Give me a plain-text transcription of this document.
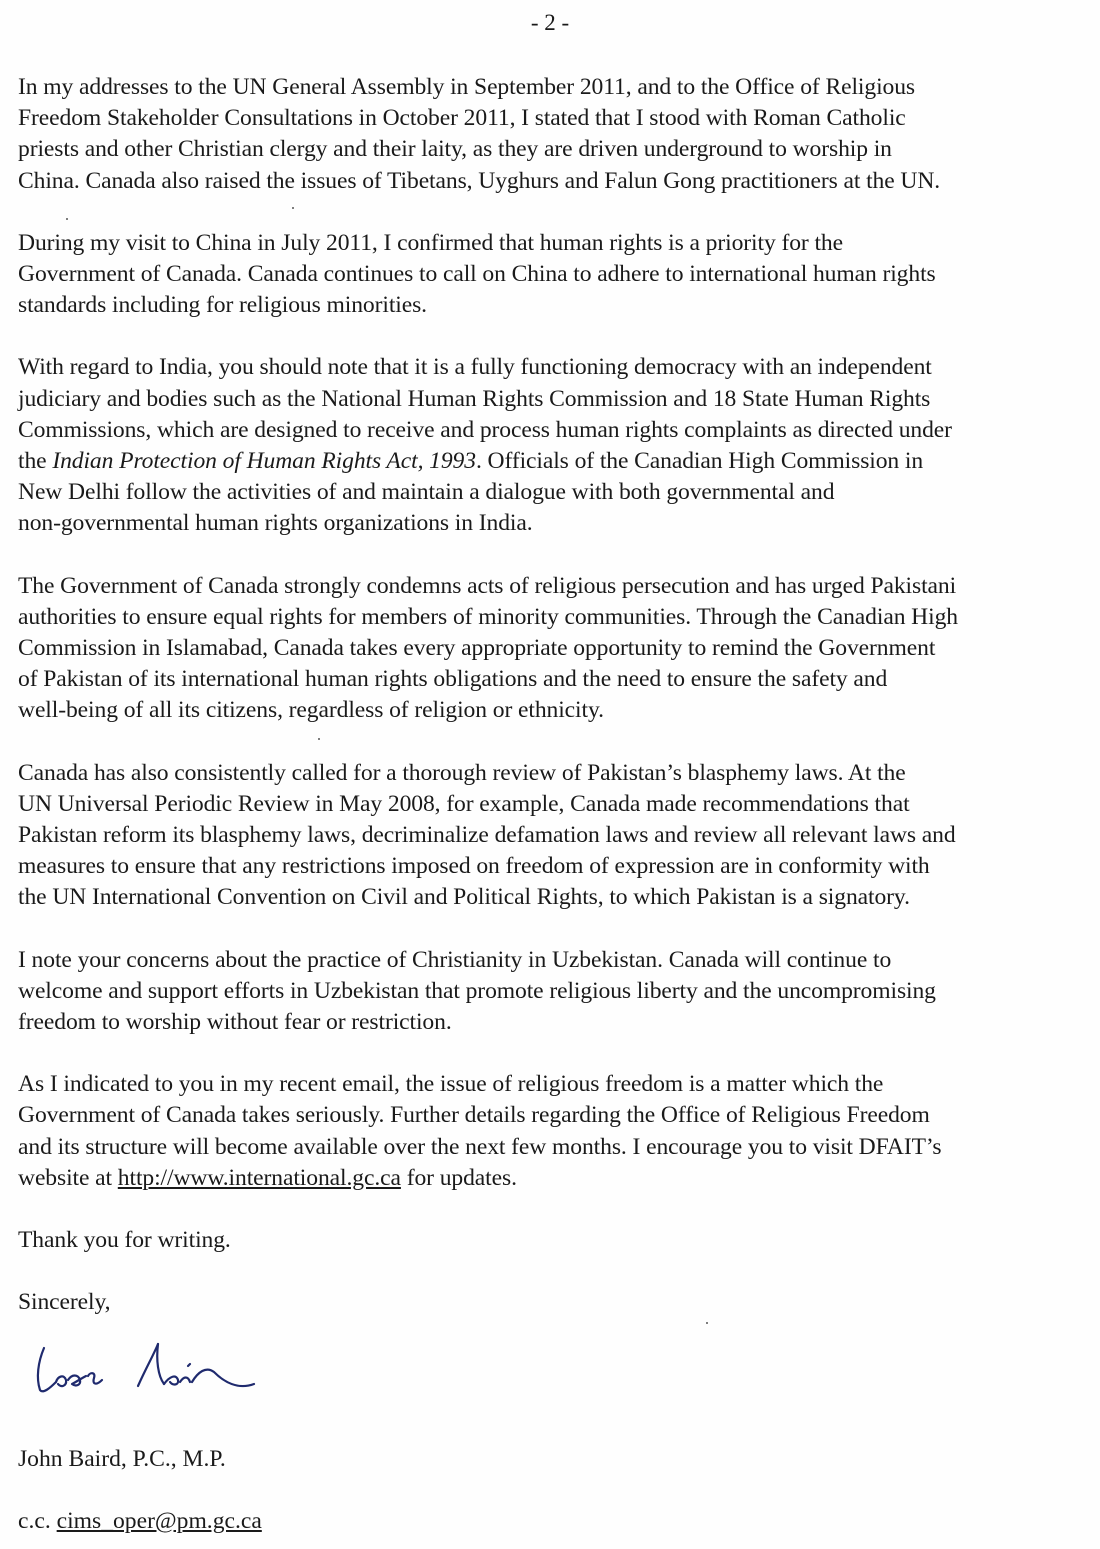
- 2 -
In my addresses to the UN General Assembly in September 2011, and to the Office of Religious
Freedom Stakeholder Consultations in October 2011, I stated that I stood with Roman Catholic
priests and other Christian clergy and their laity, as they are driven underground to worship in
China. Canada also raised the issues of Tibetans, Uyghurs and Falun Gong practitioners at the UN.
During my visit to China in July 2011, I confirmed that human rights is a priority for the
Government of Canada. Canada continues to call on China to adhere to international human rights
standards including for religious minorities.
With regard to India, you should note that it is a fully functioning democracy with an independent
judiciary and bodies such as the National Human Rights Commission and 18 State Human Rights
Commissions, which are designed to receive and process human rights complaints as directed under
the Indian Protection of Human Rights Act, 1993. Officials of the Canadian High Commission in
New Delhi follow the activities of and maintain a dialogue with both governmental and
non-governmental human rights organizations in India.
The Government of Canada strongly condemns acts of religious persecution and has urged Pakistani
authorities to ensure equal rights for members of minority communities. Through the Canadian High
Commission in Islamabad, Canada takes every appropriate opportunity to remind the Government
of Pakistan of its international human rights obligations and the need to ensure the safety and
well-being of all its citizens, regardless of religion or ethnicity.
Canada has also consistently called for a thorough review of Pakistan’s blasphemy laws. At the
UN Universal Periodic Review in May 2008, for example, Canada made recommendations that
Pakistan reform its blasphemy laws, decriminalize defamation laws and review all relevant laws and
measures to ensure that any restrictions imposed on freedom of expression are in conformity with
the UN International Convention on Civil and Political Rights, to which Pakistan is a signatory.
I note your concerns about the practice of Christianity in Uzbekistan. Canada will continue to
welcome and support efforts in Uzbekistan that promote religious liberty and the uncompromising
freedom to worship without fear or restriction.
As I indicated to you in my recent email, the issue of religious freedom is a matter which the
Government of Canada takes seriously. Further details regarding the Office of Religious Freedom
and its structure will become available over the next few months. I encourage you to visit DFAIT’s
website at http://www.international.gc.ca for updates.
Thank you for writing.
Sincerely,
John Baird, P.C., M.P.
c.c. cims_oper@pm.gc.ca
